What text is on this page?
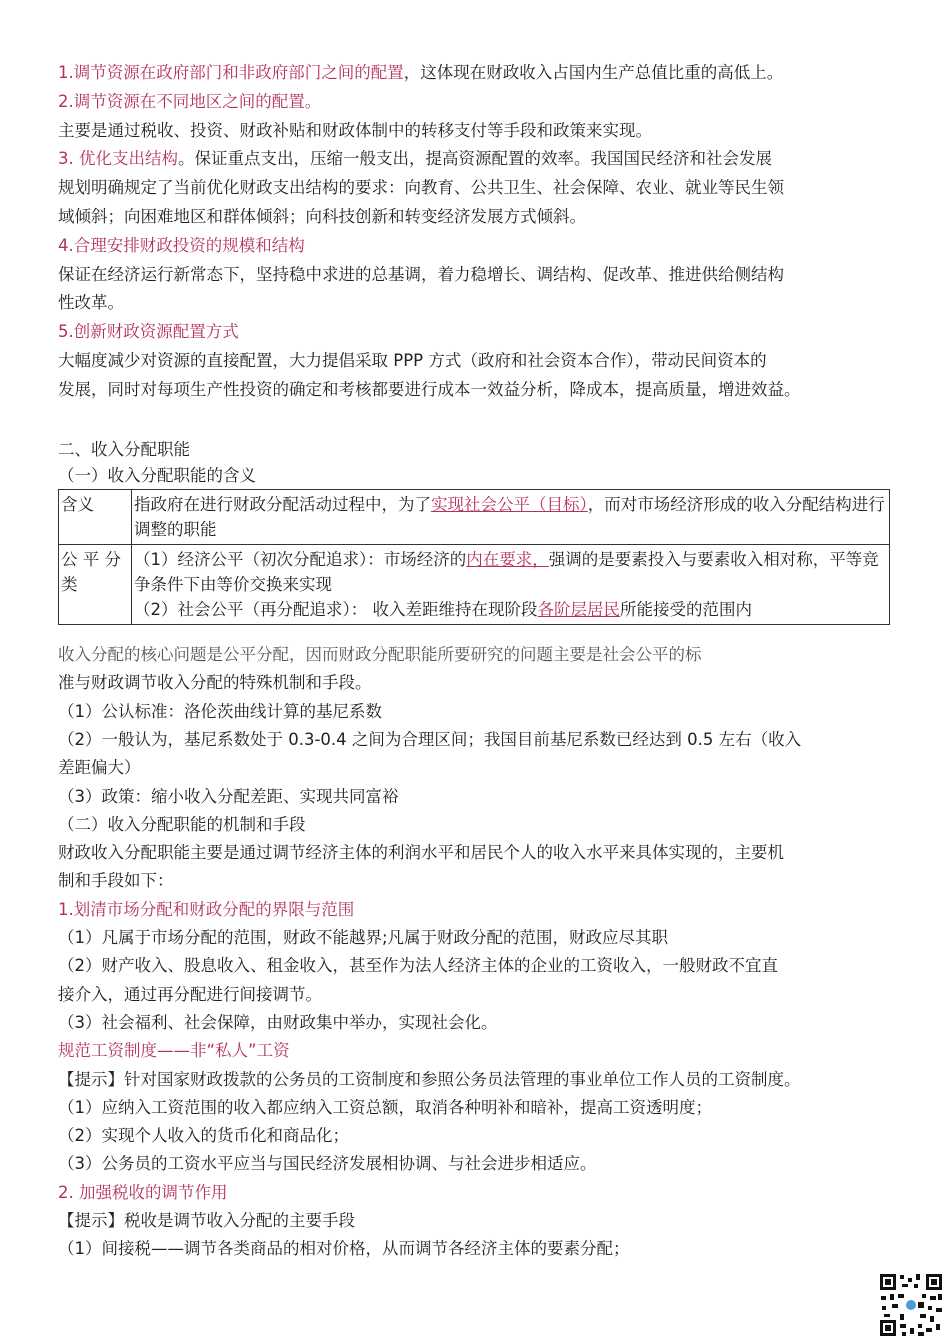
1.调节资源在政府部门和非政府部门之间的配置，这体现在财政收入占国内生产总值比重的高低上。
2.调节资源在不同地区之间的配置。
主要是通过税收、投资、财政补贴和财政体制中的转移支付等手段和政策来实现。
3. 优化支出结构。保证重点支出，压缩一般支出，提高资源配置的效率。我国国民经济和社会发展
规划明确规定了当前优化财政支出结构的要求：向教育、公共卫生、社会保障、农业、就业等民生领
域倾斜；向困难地区和群体倾斜；向科技创新和转变经济发展方式倾斜。
4.合理安排财政投资的规模和结构
保证在经济运行新常态下，坚持稳中求进的总基调，着力稳增长、调结构、促改革、推进供给侧结构
性改革。
5.创新财政资源配置方式
大幅度减少对资源的直接配置，大力提倡采取 PPP 方式（政府和社会资本合作），带动民间资本的
发展，同时对每项生产性投资的确定和考核都要进行成本一效益分析，降成本，提高质量，增进效益。
二、收入分配职能
（一）收入分配职能的含义
含义	指政府在进行财政分配活动过程中，为了实现社会公平（目标），而对市场经济形成的收入分配结构进行调整的职能
公 平 分类	（1）经济公平（初次分配追求）：市场经济的内在要求，强调的是要素投入与要素收入相对称，平等竞争条件下由等价交换来实现
（2）社会公平（再分配追求）： 收入差距维持在现阶段各阶层居民所能接受的范围内
收入分配的核心问题是公平分配，因而财政分配职能所要研究的问题主要是社会公平的标
准与财政调节收入分配的特殊机制和手段。
（1）公认标准：洛伦茨曲线计算的基尼系数
（2）一般认为，基尼系数处于 0.3-0.4 之间为合理区间；我国目前基尼系数已经达到 0.5 左右（收入
差距偏大）
（3）政策：缩小收入分配差距、实现共同富裕
（二）收入分配职能的机制和手段
财政收入分配职能主要是通过调节经济主体的利润水平和居民个人的收入水平来具体实现的，主要机
制和手段如下：
1.划清市场分配和财政分配的界限与范围
（1）凡属于市场分配的范围，财政不能越界;凡属于财政分配的范围，财政应尽其职
（2）财产收入、股息收入、租金收入，甚至作为法人经济主体的企业的工资收入，一般财政不宜直
接介入，通过再分配进行间接调节。
（3）社会福利、社会保障，由财政集中举办，实现社会化。
规范工资制度——非“私人”工资
【提示】针对国家财政拨款的公务员的工资制度和参照公务员法管理的事业单位工作人员的工资制度。
（1）应纳入工资范围的收入都应纳入工资总额，取消各种明补和暗补，提高工资透明度；
（2）实现个人收入的货币化和商品化；
（3）公务员的工资水平应当与国民经济发展相协调、与社会进步相适应。
2. 加强税收的调节作用
【提示】税收是调节收入分配的主要手段
（1）间接税——调节各类商品的相对价格，从而调节各经济主体的要素分配；
